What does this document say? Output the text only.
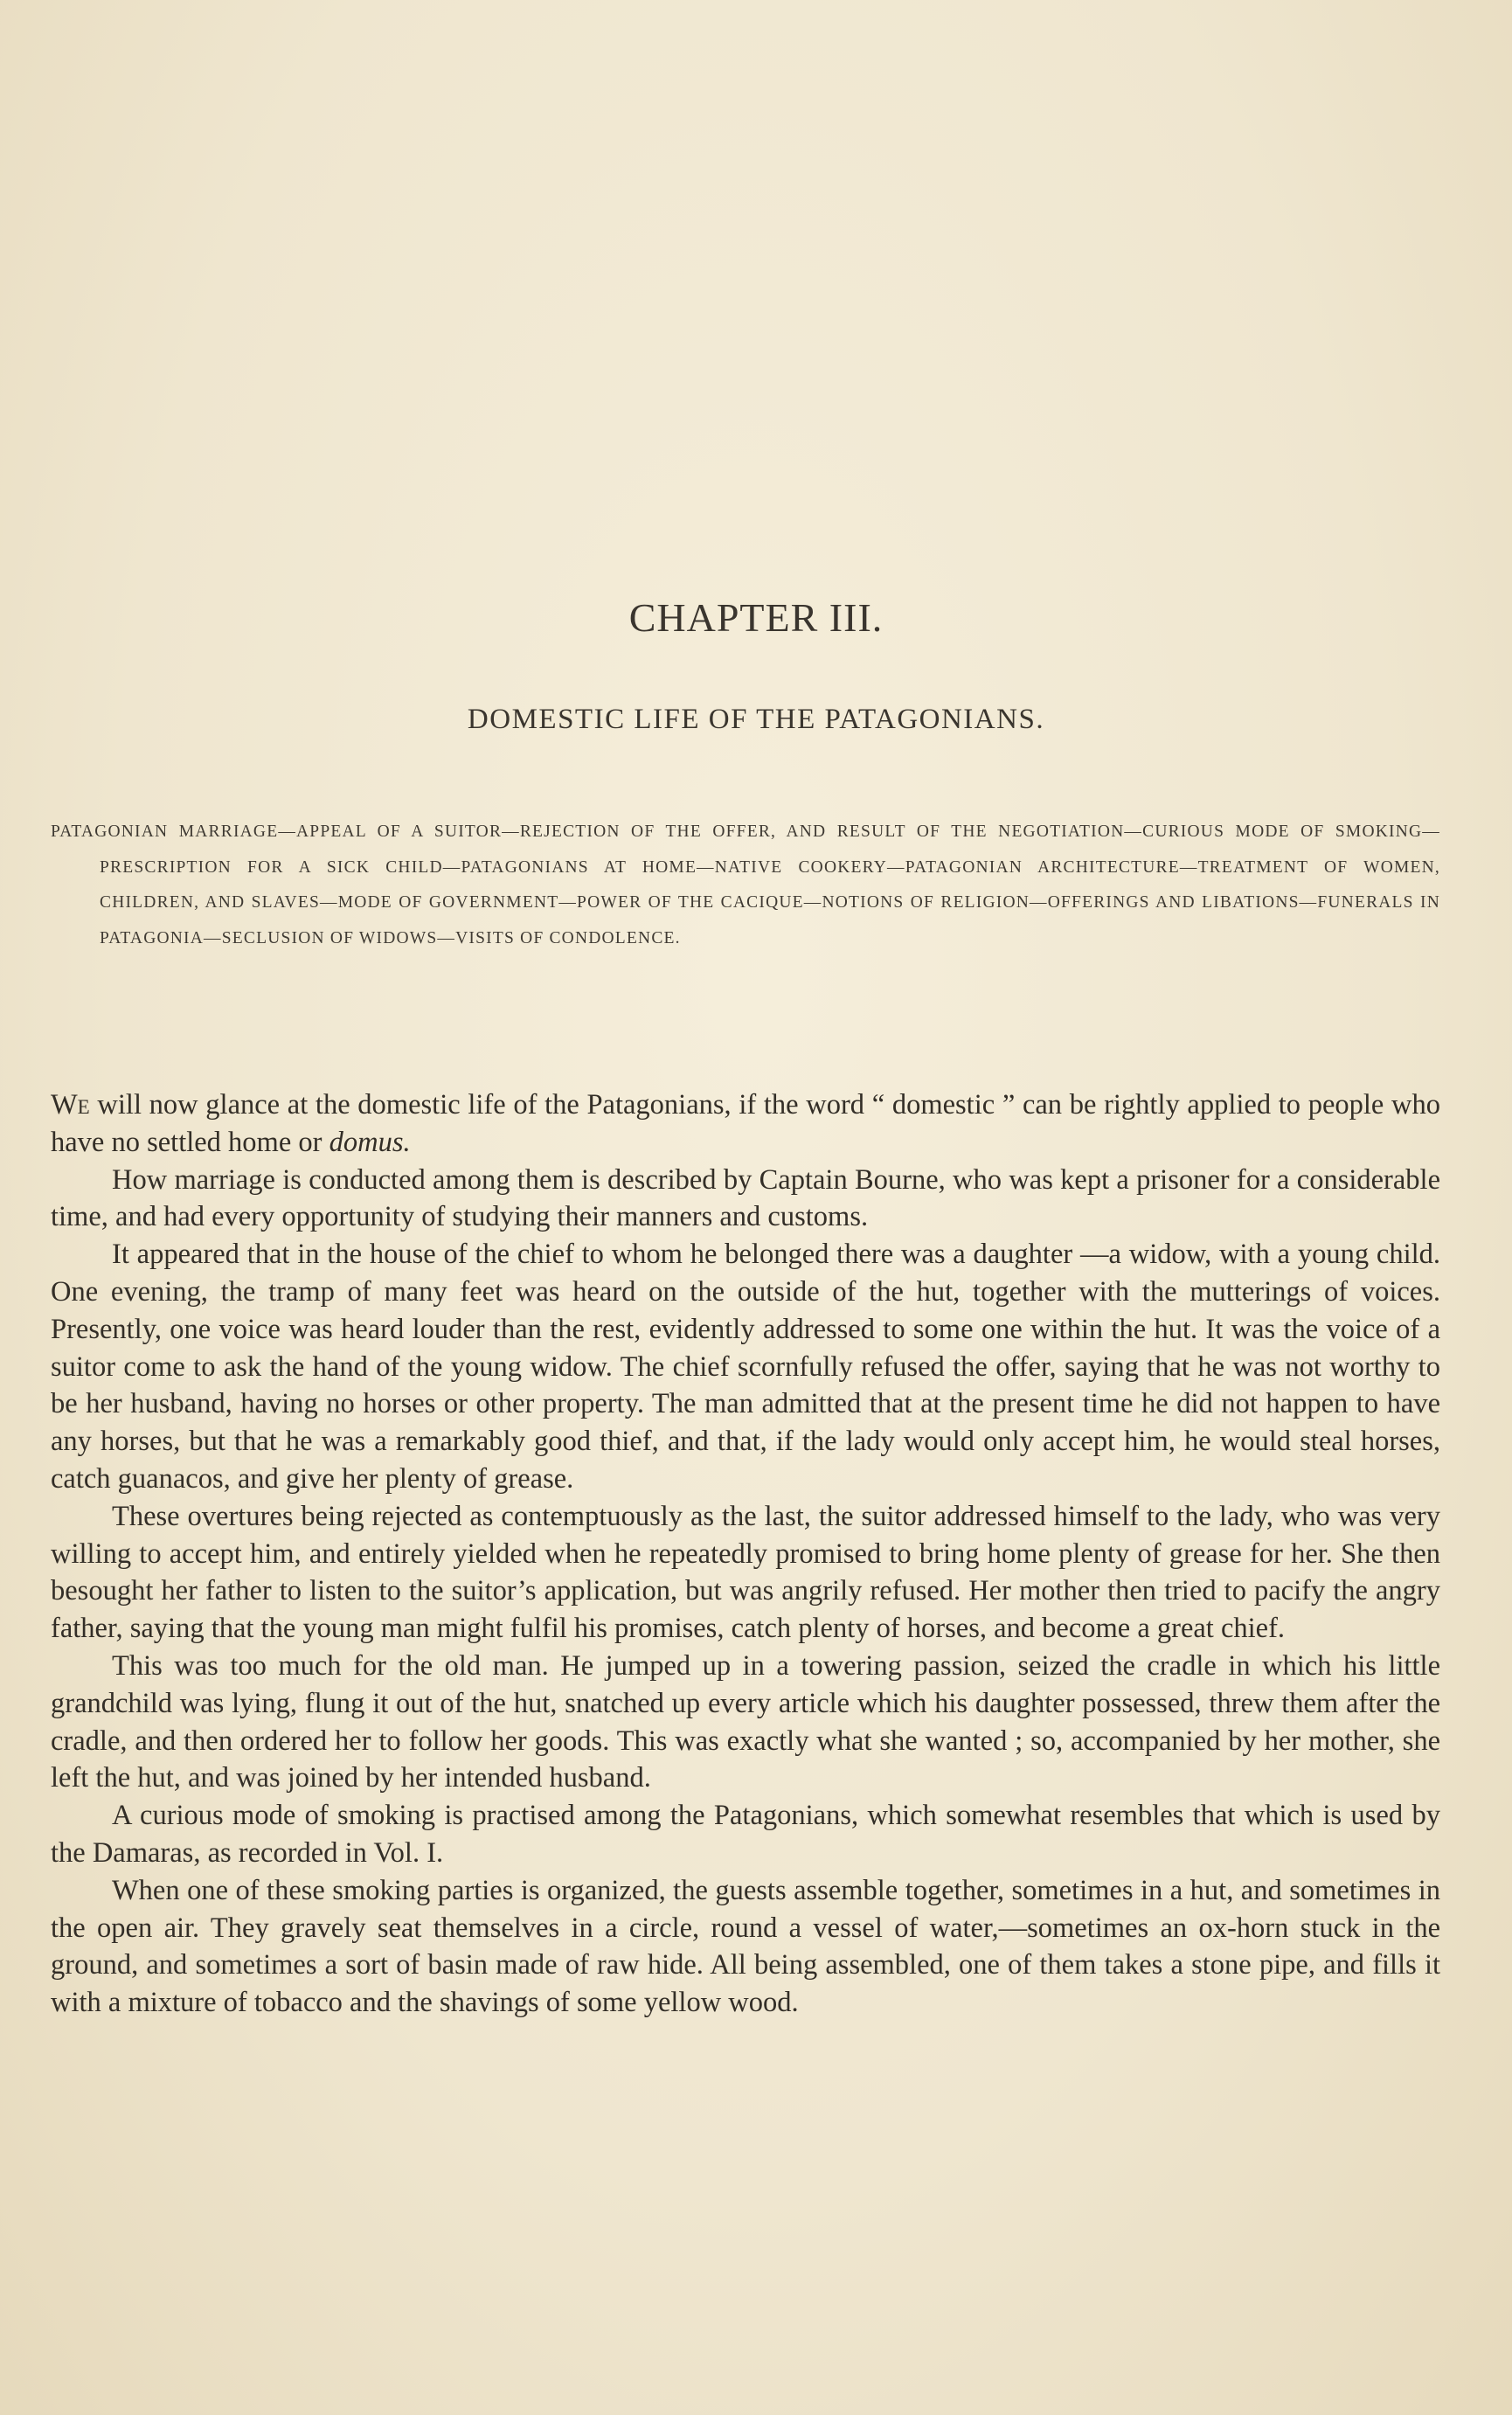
CHAPTER III.
DOMESTIC LIFE OF THE PATAGONIANS.
PATAGONIAN MARRIAGE—APPEAL OF A SUITOR—REJECTION OF THE OFFER, AND RESULT OF THE NEGOTIATION—CURIOUS MODE OF SMOKING—PRESCRIPTION FOR A SICK CHILD—PATAGONIANS AT HOME—NATIVE COOKERY—PATAGONIAN ARCHITECTURE—TREATMENT OF WOMEN, CHILDREN, AND SLAVES—MODE OF GOVERNMENT—POWER OF THE CACIQUE—NOTIONS OF RELIGION—OFFERINGS AND LIBATIONS—FUNERALS IN PATAGONIA—SECLUSION OF WIDOWS—VISITS OF CONDOLENCE.

We will now glance at the domestic life of the Patagonians, if the word “ domestic ” can be rightly applied to people who have no settled home or domus.

How marriage is conducted among them is described by Captain Bourne, who was kept a prisoner for a considerable time, and had every opportunity of studying their manners and customs.

It appeared that in the house of the chief to whom he belonged there was a daughter —a widow, with a young child. One evening, the tramp of many feet was heard on the outside of the hut, together with the mutterings of voices. Presently, one voice was heard louder than the rest, evidently addressed to some one within the hut. It was the voice of a suitor come to ask the hand of the young widow. The chief scornfully refused the offer, saying that he was not worthy to be her husband, having no horses or other property. The man admitted that at the present time he did not happen to have any horses, but that he was a remarkably good thief, and that, if the lady would only accept him, he would steal horses, catch guanacos, and give her plenty of grease.

These overtures being rejected as contemptuously as the last, the suitor addressed himself to the lady, who was very willing to accept him, and entirely yielded when he repeatedly promised to bring home plenty of grease for her. She then besought her father to listen to the suitor’s application, but was angrily refused. Her mother then tried to pacify the angry father, saying that the young man might fulfil his promises, catch plenty of horses, and become a great chief.

This was too much for the old man. He jumped up in a towering passion, seized the cradle in which his little grandchild was lying, flung it out of the hut, snatched up every article which his daughter possessed, threw them after the cradle, and then ordered her to follow her goods. This was exactly what she wanted ; so, accompanied by her mother, she left the hut, and was joined by her intended husband.

A curious mode of smoking is practised among the Patagonians, which somewhat resembles that which is used by the Damaras, as recorded in Vol. I.

When one of these smoking parties is organized, the guests assemble together, sometimes in a hut, and sometimes in the open air. They gravely seat themselves in a circle, round a vessel of water,—sometimes an ox-horn stuck in the ground, and sometimes a sort of basin made of raw hide. All being assembled, one of them takes a stone pipe, and fills it with a mixture of tobacco and the shavings of some yellow wood.
